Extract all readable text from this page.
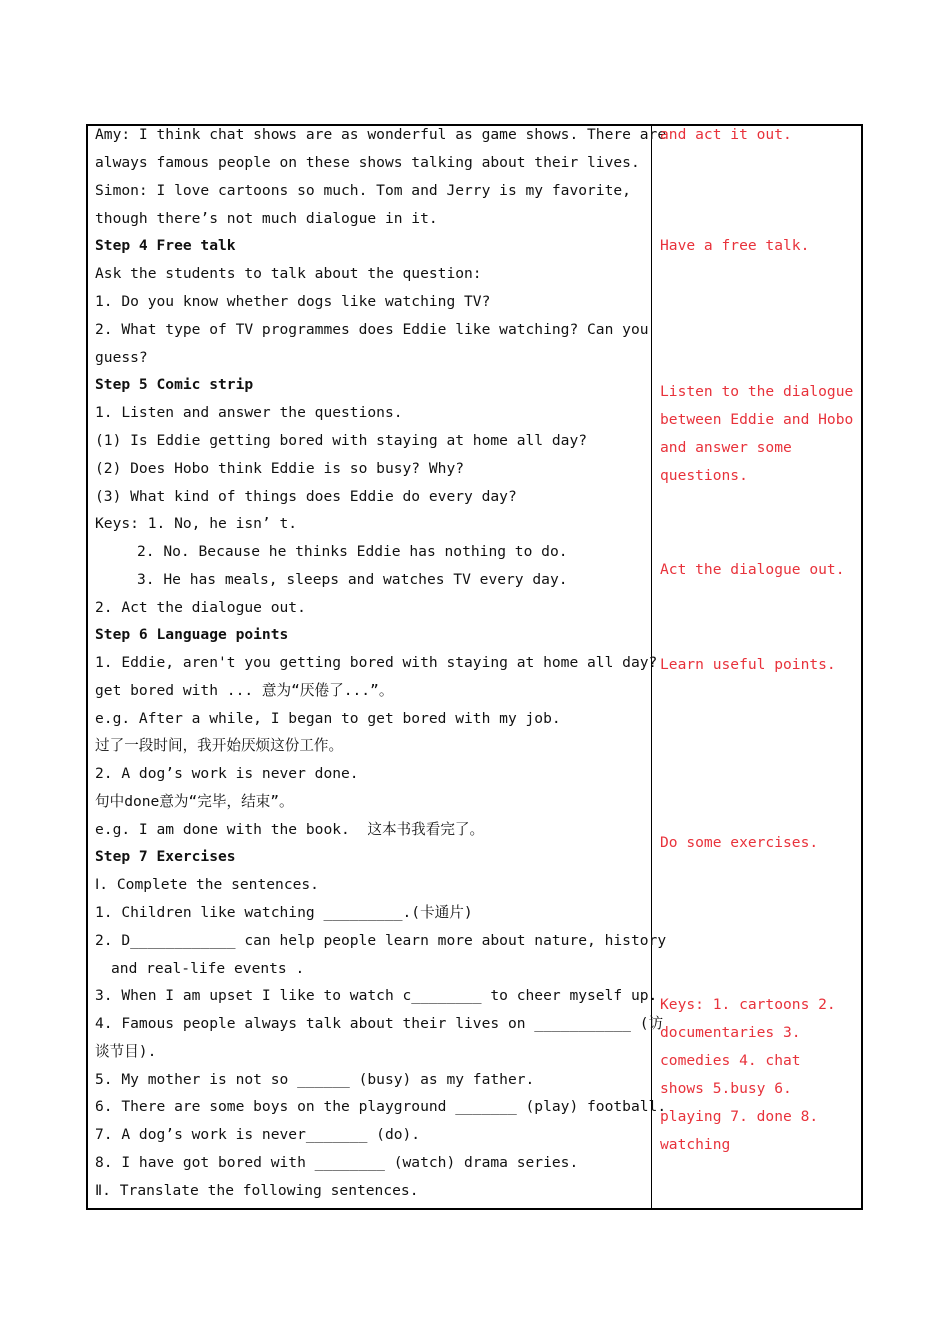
Amy: I think chat shows are as wonderful as game shows. There are
always famous people on these shows talking about their lives.
Simon: I love cartoons so much. Tom and Jerry is my favorite,
though there’s not much dialogue in it.
Step 4 Free talk
Ask the students to talk about the question:
1. Do you know whether dogs like watching TV?
2. What type of TV programmes does Eddie like watching? Can you
guess?
Step 5 Comic strip
1. Listen and answer the questions.
(1) Is Eddie getting bored with staying at home all day?
(2) Does Hobo think Eddie is so busy? Why?
(3) What kind of things does Eddie do every day?
Keys: 1. No, he isn’ t.
2. No. Because he thinks Eddie has nothing to do.
3. He has meals, sleeps and watches TV every day.
2. Act the dialogue out.
Step 6 Language points
1. Eddie, aren't you getting bored with staying at home all day?
get bored with ... 意为“厌倦了...”。
e.g. After a while, I began to get bored with my job.
过了一段时间，我开始厌烦这份工作。
2. A dog’s work is never done.
句中done意为“完毕，结束”。
e.g. I am done with the book.  这本书我看完了。
Step 7 Exercises
Ⅰ. Complete the sentences.
1. Children like watching _________.(卡通片)
2. D____________ can help people learn more about nature, history
and real-life events .
3. When I am upset I like to watch c________ to cheer myself up.
4. Famous people always talk about their lives on ___________ (访
谈节目).
5. My mother is not so ______ (busy) as my father.
6. There are some boys on the playground _______ (play) football.
7. A dog’s work is never_______ (do).
8. I have got bored with ________ (watch) drama series.
Ⅱ. Translate the following sentences.
and act it out.
Have a free talk.
Listen to the dialogue
between Eddie and Hobo
and answer some
questions.
Act the dialogue out.
Learn useful points.
Do some exercises.
Keys: 1. cartoons 2.
documentaries 3.
comedies 4. chat
shows 5.busy 6.
playing 7. done 8.
watching
